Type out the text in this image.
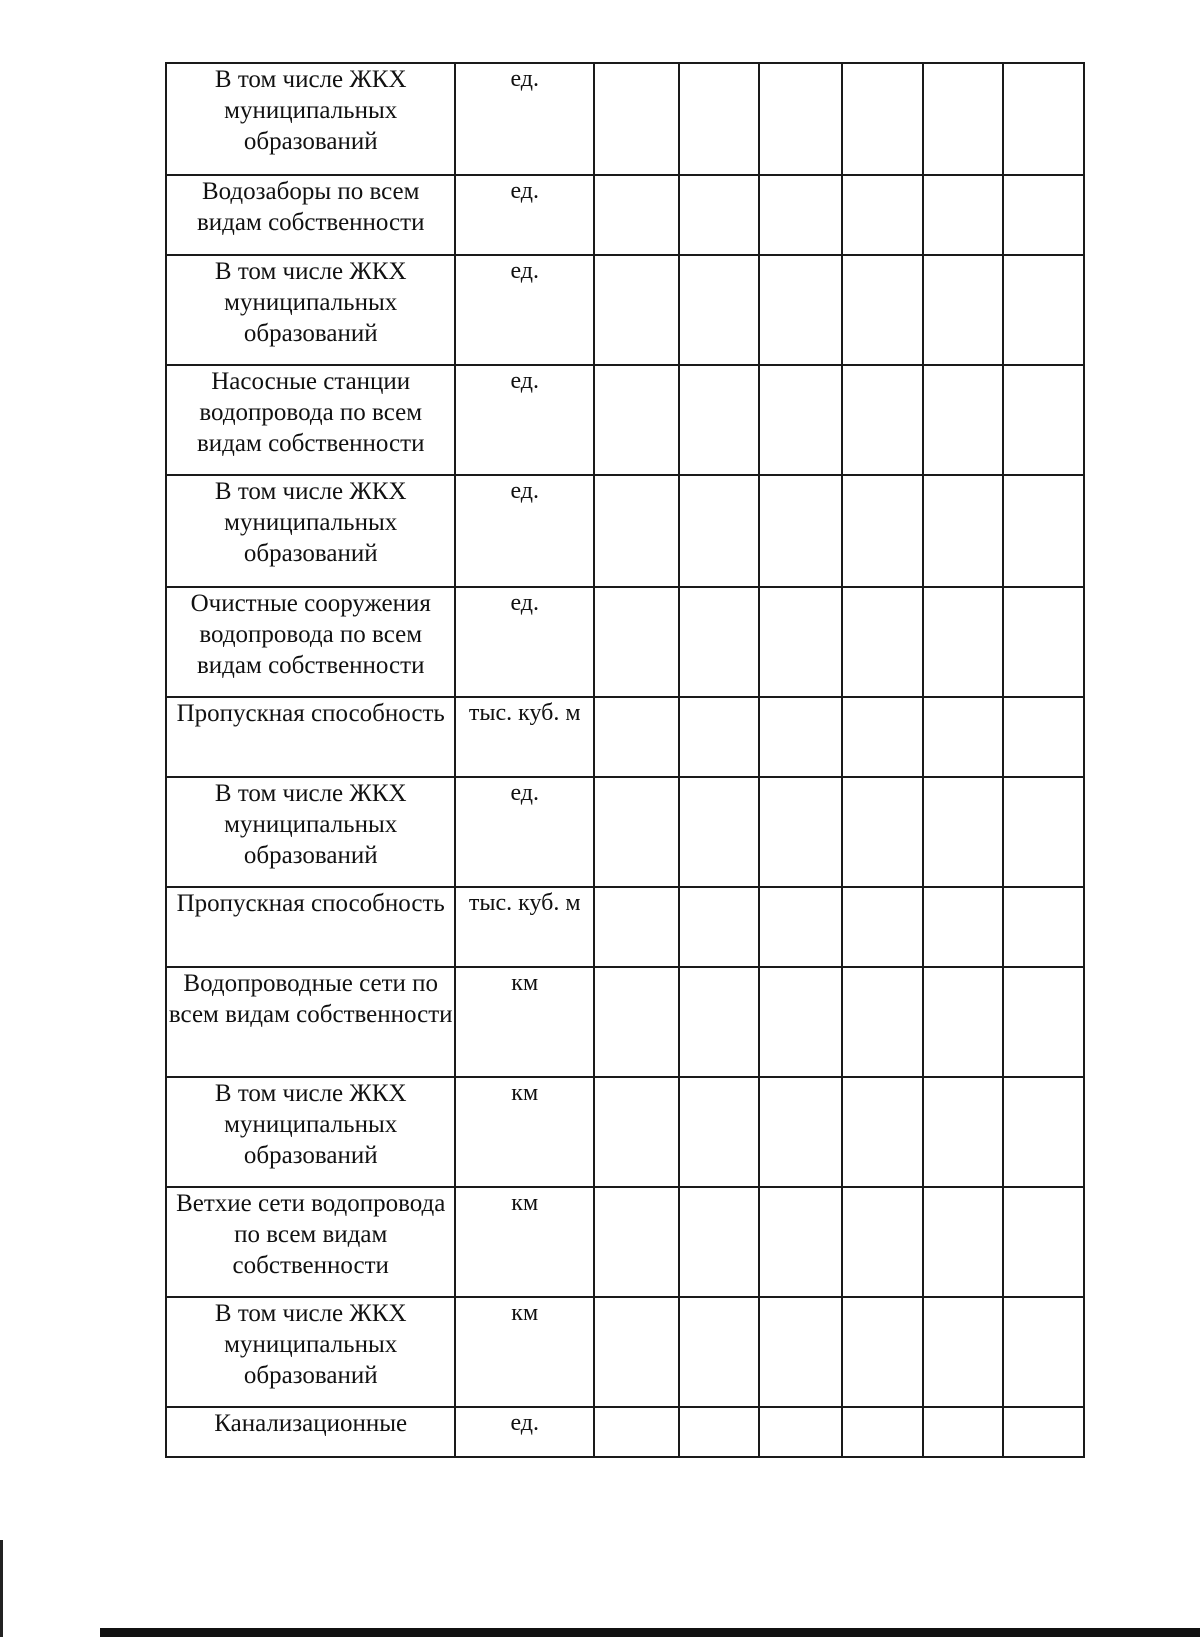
В том числе ЖКХ муниципальных образований	ед.						
Водозаборы по всем видам собственности	ед.						
В том числе ЖКХ муниципальных образований	ед.						
Насосные станции водопровода по всем видам собственности	ед.						
В том числе ЖКХ муниципальных образований	ед.						
Очистные сооружения водопровода по всем видам собственности	ед.						
Пропускная способность	тыс. куб. м						
В том числе ЖКХ муниципальных образований	ед.						
Пропускная способность	тыс. куб. м						
Водопроводные сети по всем видам собственности	км						
В том числе ЖКХ муниципальных образований	км						
Ветхие сети водопровода по всем видам собственности	км						
В том числе ЖКХ муниципальных образований	км						
Канализационные	ед.						
